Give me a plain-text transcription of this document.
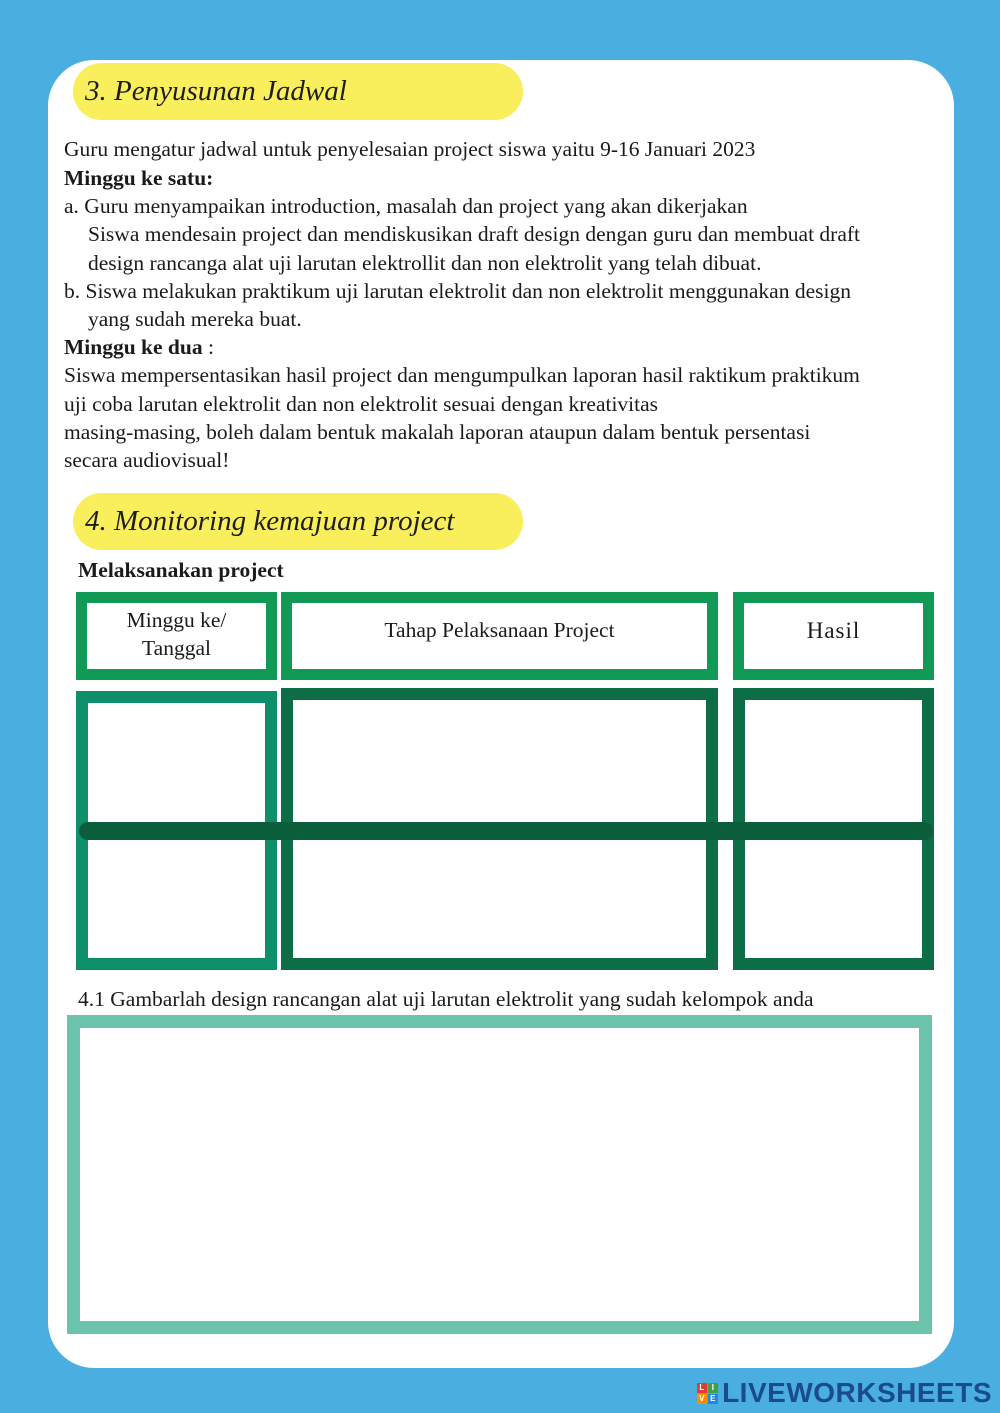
3. Penyusunan Jadwal

Guru mengatur jadwal untuk penyelesaian project siswa yaitu 9-16 Januari 2023

Minggu ke satu:

a. Guru menyampaikan introduction, masalah dan project yang akan dikerjakan

Siswa mendesain project dan mendiskusikan draft design dengan guru dan membuat draft

design rancanga alat uji larutan elektrollit dan non elektrolit yang telah dibuat.

b. Siswa melakukan praktikum uji larutan elektrolit dan non elektrolit menggunakan design

yang sudah mereka buat.

Minggu ke dua :

Siswa mempersentasikan hasil project dan mengumpulkan laporan hasil raktikum praktikum

uji coba larutan elektrolit dan non elektrolit sesuai dengan kreativitas

masing-masing, boleh dalam bentuk makalah laporan ataupun dalam bentuk persentasi

secara audiovisual!

4. Monitoring kemajuan project

Melaksanakan project

Minggu ke/
Tanggal
Tahap Pelaksanaan Project	Hasil

4.1 Gambarlah design rancangan alat uji larutan elektrolit yang sudah kelompok anda

L I
V E LIVEWORKSHEETS
